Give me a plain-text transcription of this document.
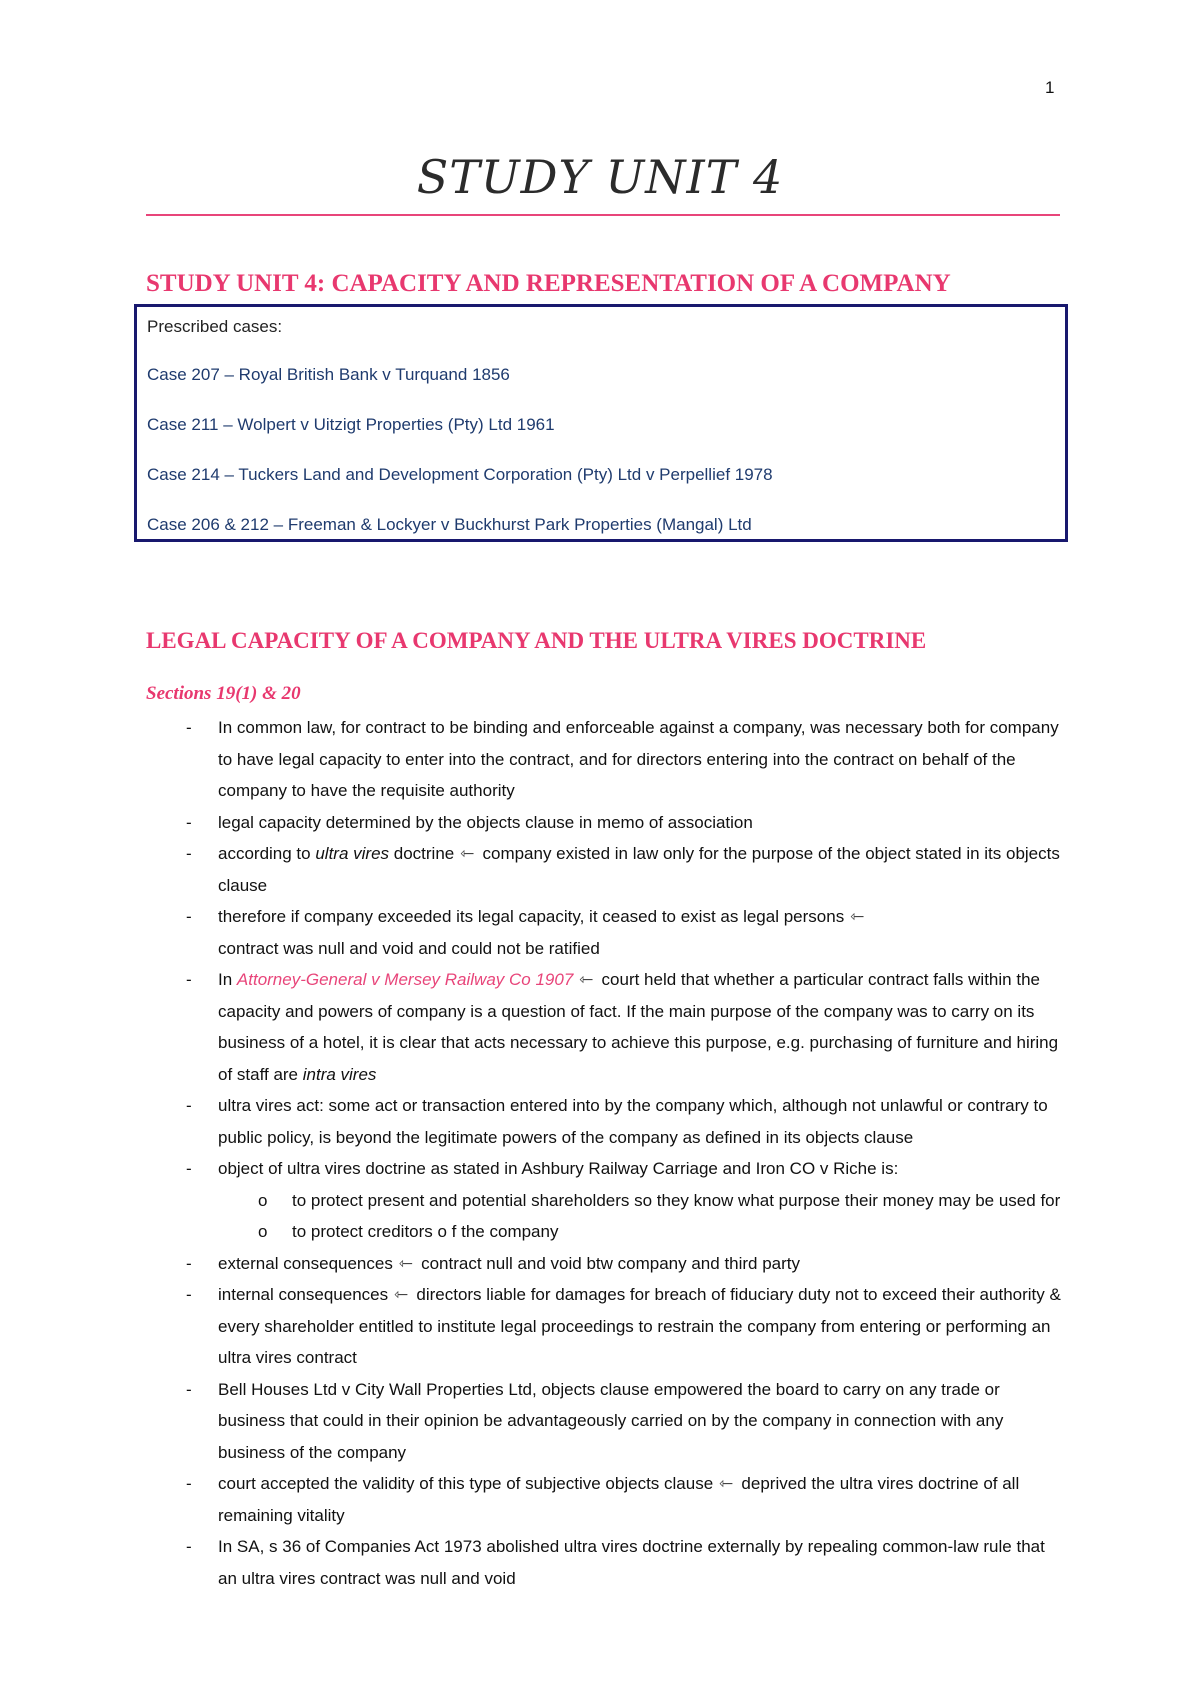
1
STUDY UNIT 4
STUDY UNIT 4: CAPACITY AND REPRESENTATION OF A COMPANY
Prescribed cases:
Case 207 – Royal British Bank v Turquand 1856
Case 211 – Wolpert v Uitzigt Properties (Pty) Ltd 1961
Case 214 – Tuckers Land and Development Corporation (Pty) Ltd v Perpellief 1978
Case 206 & 212 – Freeman & Lockyer v Buckhurst Park Properties (Mangal) Ltd
LEGAL CAPACITY OF A COMPANY AND THE ULTRA VIRES DOCTRINE
Sections 19(1) & 20
- In common law, for contract to be binding and enforceable against a company, was necessary both for company to have legal capacity to enter into the contract, and for directors entering into the contract on behalf of the company to have the requisite authority
- legal capacity determined by the objects clause in memo of association
- according to ultra vires doctrine ⇽ company existed in law only for the purpose of the object stated in its objects clause
- therefore if company exceeded its legal capacity, it ceased to exist as legal persons ⇽
contract was null and void and could not be ratified
- In Attorney-General v Mersey Railway Co 1907 ⇽ court held that whether a particular contract falls within the capacity and powers of company is a question of fact. If the main purpose of the company was to carry on its business of a hotel, it is clear that acts necessary to achieve this purpose, e.g. purchasing of furniture and hiring of staff are intra vires
- ultra vires act: some act or transaction entered into by the company which, although not unlawful or contrary to public policy, is beyond the legitimate powers of the company as defined in its objects clause
- object of ultra vires doctrine as stated in Ashbury Railway Carriage and Iron CO v Riche is:
o to protect present and potential shareholders so they know what purpose their money may be used for
o to protect creditors o f the company
- external consequences ⇽ contract null and void btw company and third party
- internal consequences ⇽ directors liable for damages for breach of fiduciary duty not to exceed their authority & every shareholder entitled to institute legal proceedings to restrain the company from entering or performing an ultra vires contract
- Bell Houses Ltd v City Wall Properties Ltd, objects clause empowered the board to carry on any trade or business that could in their opinion be advantageously carried on by the company in connection with any business of the company
- court accepted the validity of this type of subjective objects clause ⇽ deprived the ultra vires doctrine of all remaining vitality
- In SA, s 36 of Companies Act 1973 abolished ultra vires doctrine externally by repealing common-law rule that an ultra vires contract was null and void
